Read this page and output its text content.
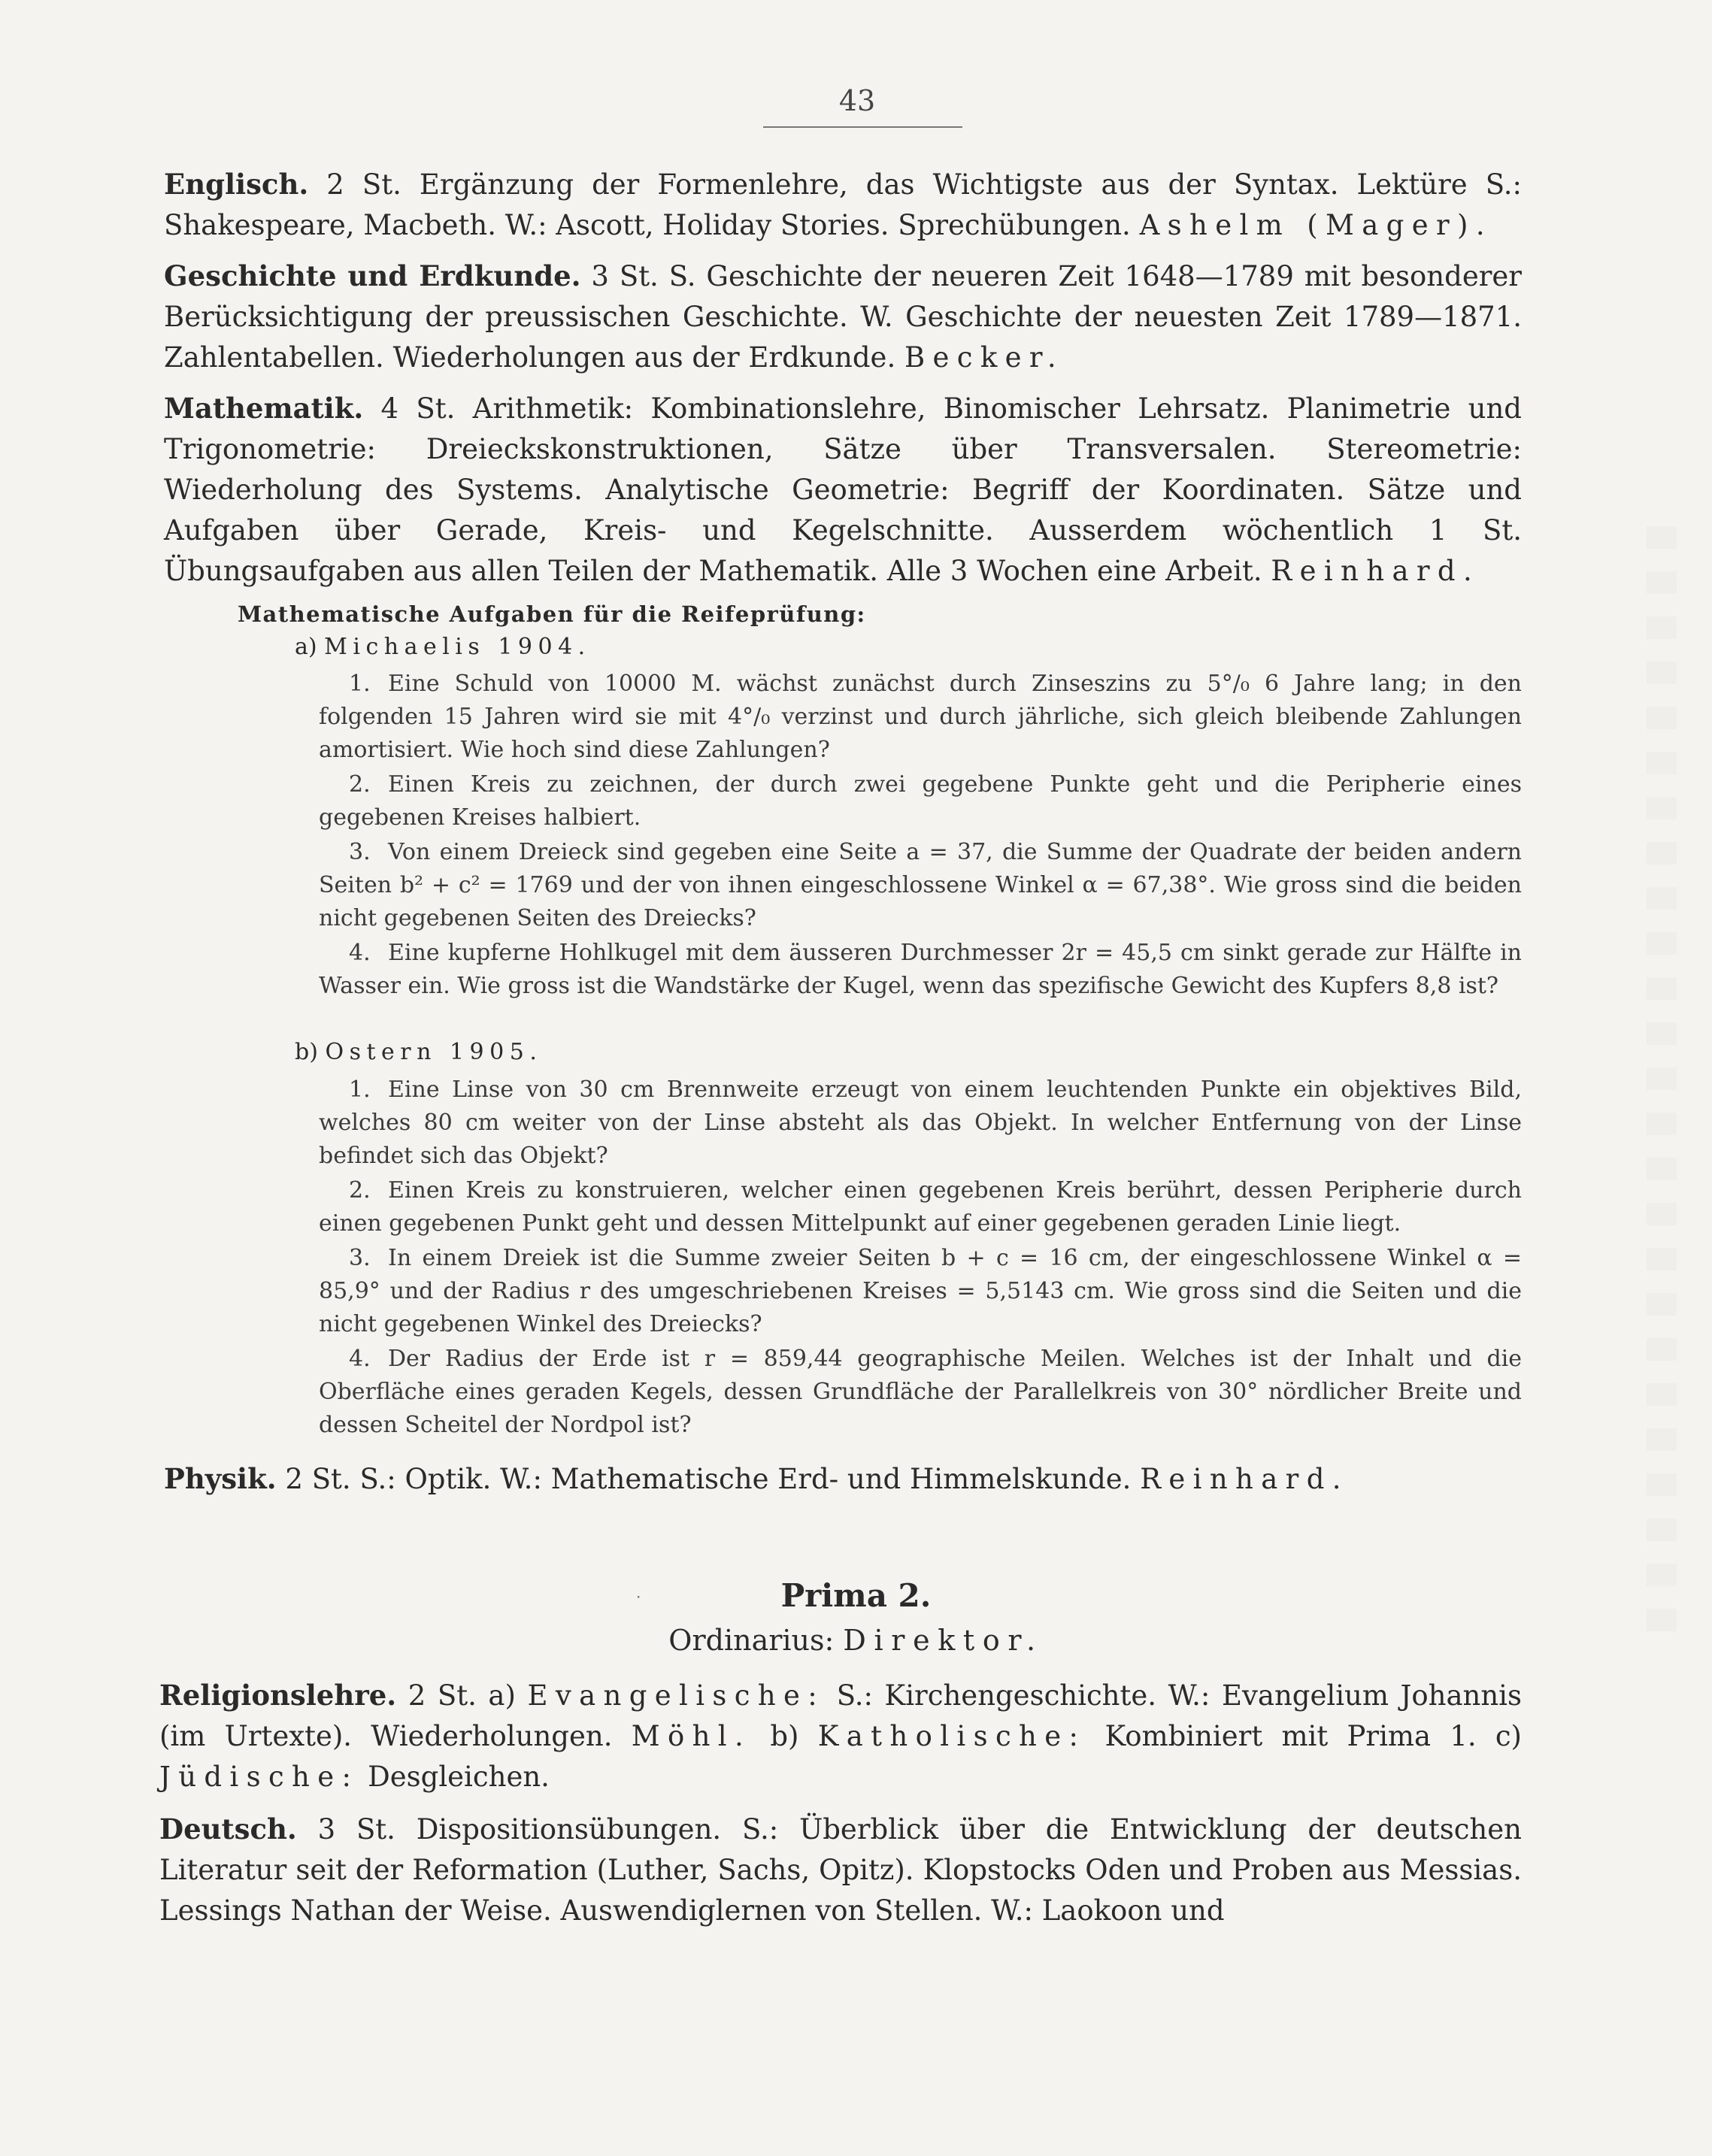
43
Englisch. 2 St. Ergänzung der Formenlehre, das Wichtigste aus der Syntax. Lektüre S.: Shakespeare, Macbeth. W.: Ascott, Holiday Stories. Sprechübungen. Ashelm (Mager).
Geschichte und Erdkunde. 3 St. S. Geschichte der neueren Zeit 1648—1789 mit besonderer Berücksichtigung der preussischen Geschichte. W. Geschichte der neuesten Zeit 1789—1871. Zahlentabellen. Wiederholungen aus der Erdkunde. Becker.
Mathematik. 4 St. Arithmetik: Kombinationslehre, Binomischer Lehrsatz. Planimetrie und Trigonometrie: Dreieckskonstruktionen, Sätze über Transversalen. Stereometrie: Wiederholung des Systems. Analytische Geometrie: Begriff der Koordinaten. Sätze und Aufgaben über Gerade, Kreis- und Kegelschnitte. Ausserdem wöchentlich 1 St. Übungsaufgaben aus allen Teilen der Mathematik. Alle 3 Wochen eine Arbeit. Reinhard.
Mathematische Aufgaben für die Reifeprüfung:
a) Michaelis 1904.
1. Eine Schuld von 10000 M. wächst zunächst durch Zinseszins zu 5°/₀ 6 Jahre lang; in den folgenden 15 Jahren wird sie mit 4°/₀ verzinst und durch jährliche, sich gleich bleibende Zahlungen amortisiert. Wie hoch sind diese Zahlungen?
2. Einen Kreis zu zeichnen, der durch zwei gegebene Punkte geht und die Peripherie eines gegebenen Kreises halbiert.
3. Von einem Dreieck sind gegeben eine Seite a = 37, die Summe der Quadrate der beiden andern Seiten b² + c² = 1769 und der von ihnen eingeschlossene Winkel α = 67,38°. Wie gross sind die beiden nicht gegebenen Seiten des Dreiecks?
4. Eine kupferne Hohlkugel mit dem äusseren Durchmesser 2r = 45,5 cm sinkt gerade zur Hälfte in Wasser ein. Wie gross ist die Wandstärke der Kugel, wenn das spezifische Gewicht des Kupfers 8,8 ist?
b) Ostern 1905.
1. Eine Linse von 30 cm Brennweite erzeugt von einem leuchtenden Punkte ein objektives Bild, welches 80 cm weiter von der Linse absteht als das Objekt. In welcher Entfernung von der Linse befindet sich das Objekt?
2. Einen Kreis zu konstruieren, welcher einen gegebenen Kreis berührt, dessen Peripherie durch einen gegebenen Punkt geht und dessen Mittelpunkt auf einer gegebenen geraden Linie liegt.
3. In einem Dreiek ist die Summe zweier Seiten b + c = 16 cm, der eingeschlossene Winkel α = 85,9° und der Radius r des umgeschriebenen Kreises = 5,5143 cm. Wie gross sind die Seiten und die nicht gegebenen Winkel des Dreiecks?
4. Der Radius der Erde ist r = 859,44 geographische Meilen. Welches ist der Inhalt und die Oberfläche eines geraden Kegels, dessen Grundfläche der Parallelkreis von 30° nördlicher Breite und dessen Scheitel der Nordpol ist?
Physik. 2 St. S.: Optik. W.: Mathematische Erd- und Himmelskunde. Reinhard.
·	Prima 2.
Ordinarius: Direktor.
Religionslehre. 2 St. a) Evangelische: S.: Kirchengeschichte. W.: Evangelium Johannis (im Urtexte). Wiederholungen. Möhl. b) Katholische: Kombiniert mit Prima 1. c) Jüdische: Desgleichen.
Deutsch. 3 St. Dispositionsübungen. S.: Überblick über die Entwicklung der deutschen Literatur seit der Reformation (Luther, Sachs, Opitz). Klopstocks Oden und Proben aus Messias. Lessings Nathan der Weise. Auswendiglernen von Stellen. W.: Laokoon und
